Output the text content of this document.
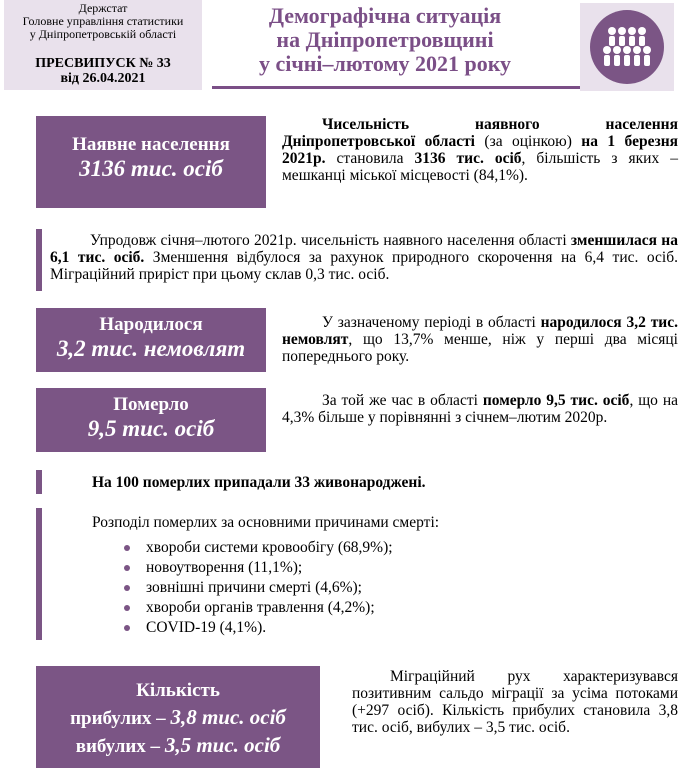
Держстат
Головне управління статистики
у Дніпропетровській області
ПРЕСВИПУСК № 33
від 26.04.2021
Демографічна ситуація
на Дніпропетровщині
у січні–лютому 2021 року
Наявне населення
3136 тис. осіб
Чисельність наявного населення Дніпропетровської області (за оцінкою) на 1 березня 2021р. становила 3136 тис. осіб, більшість з яких – мешканці міської місцевості (84,1%).
Упродовж січня–лютого 2021р. чисельність наявного населення області зменшилася на 6,1 тис. осіб. Зменшення відбулося за рахунок природного скорочення на 6,4 тис. осіб. Міграційний приріст при цьому склав 0,3 тис. осіб.
Народилося
3,2 тис. немовлят
У зазначеному періоді в області народилося 3,2 тис. немовлят, що 13,7% менше, ніж у перші два місяці попереднього року.
Померло
9,5 тис. осіб
За той же час в області померло 9,5 тис. осіб, що на 4,3% більше у порівнянні з січнем–лютим 2020р.
На 100 померлих припадали 33 живонароджені.
Розподіл померлих за основними причинами смерті:
хвороби системи кровообігу (68,9%);
новоутворення (11,1%);
зовнішні причини смерті (4,6%);
хвороби органів травлення (4,2%);
COVID-19 (4,1%).
Кількість
прибулих – 3,8 тис. осіб
вибулих – 3,5 тис. осіб
Міграційний рух характеризувався позитивним сальдо міграції за усіма потоками (+297 осіб). Кількість прибулих становила 3,8 тис. осіб, вибулих – 3,5 тис. осіб.
